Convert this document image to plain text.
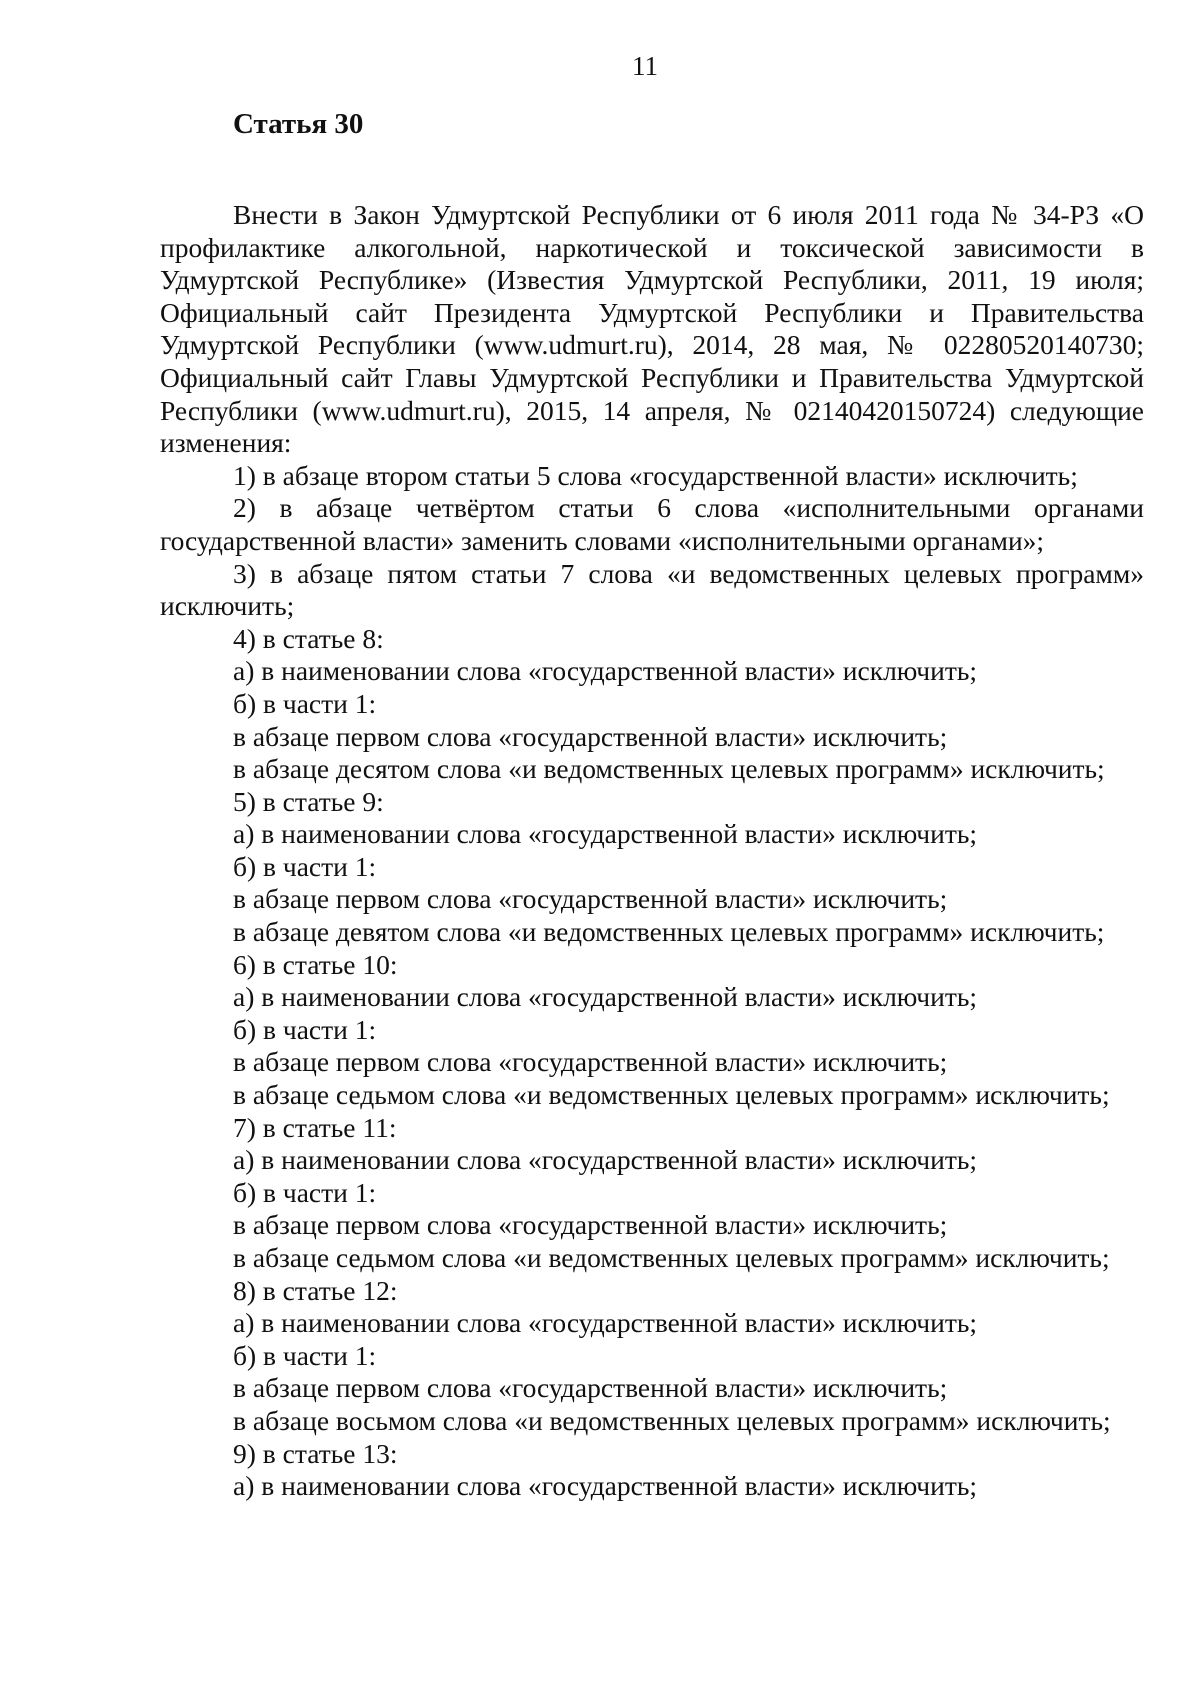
11
Статья 30

Внести в Закон Удмуртской Республики от 6 июля 2011 года № 34-РЗ «О профилактике алкогольной, наркотической и токсической зависимости в Удмуртской Республике» (Известия Удмуртской Республики, 2011, 19 июля; Официальный сайт Президента Удмуртской Республики и Правительства Удмуртской Республики (www.udmurt.ru), 2014, 28 мая, № 02280520140730; Официальный сайт Главы Удмуртской Республики и Правительства Удмуртской Республики (www.udmurt.ru), 2015, 14 апреля, № 02140420150724) следующие изменения:

1) в абзаце втором статьи 5 слова «государственной власти» исключить;

2) в абзаце четвёртом статьи 6 слова «исполнительными органами государственной власти» заменить словами «исполнительными органами»;

3) в абзаце пятом статьи 7 слова «и ведомственных целевых программ» исключить;

4) в статье 8:

а) в наименовании слова «государственной власти» исключить;

б) в части 1:

в абзаце первом слова «государственной власти» исключить;

в абзаце десятом слова «и ведомственных целевых программ» исключить;

5) в статье 9:

а) в наименовании слова «государственной власти» исключить;

б) в части 1:

в абзаце первом слова «государственной власти» исключить;

в абзаце девятом слова «и ведомственных целевых программ» исключить;

6) в статье 10:

а) в наименовании слова «государственной власти» исключить;

б) в части 1:

в абзаце первом слова «государственной власти» исключить;

в абзаце седьмом слова «и ведомственных целевых программ» исключить;

7) в статье 11:

а) в наименовании слова «государственной власти» исключить;

б) в части 1:

в абзаце первом слова «государственной власти» исключить;

в абзаце седьмом слова «и ведомственных целевых программ» исключить;

8) в статье 12:

а) в наименовании слова «государственной власти» исключить;

б) в части 1:

в абзаце первом слова «государственной власти» исключить;

в абзаце восьмом слова «и ведомственных целевых программ» исключить;

9) в статье 13:

а) в наименовании слова «государственной власти» исключить;
